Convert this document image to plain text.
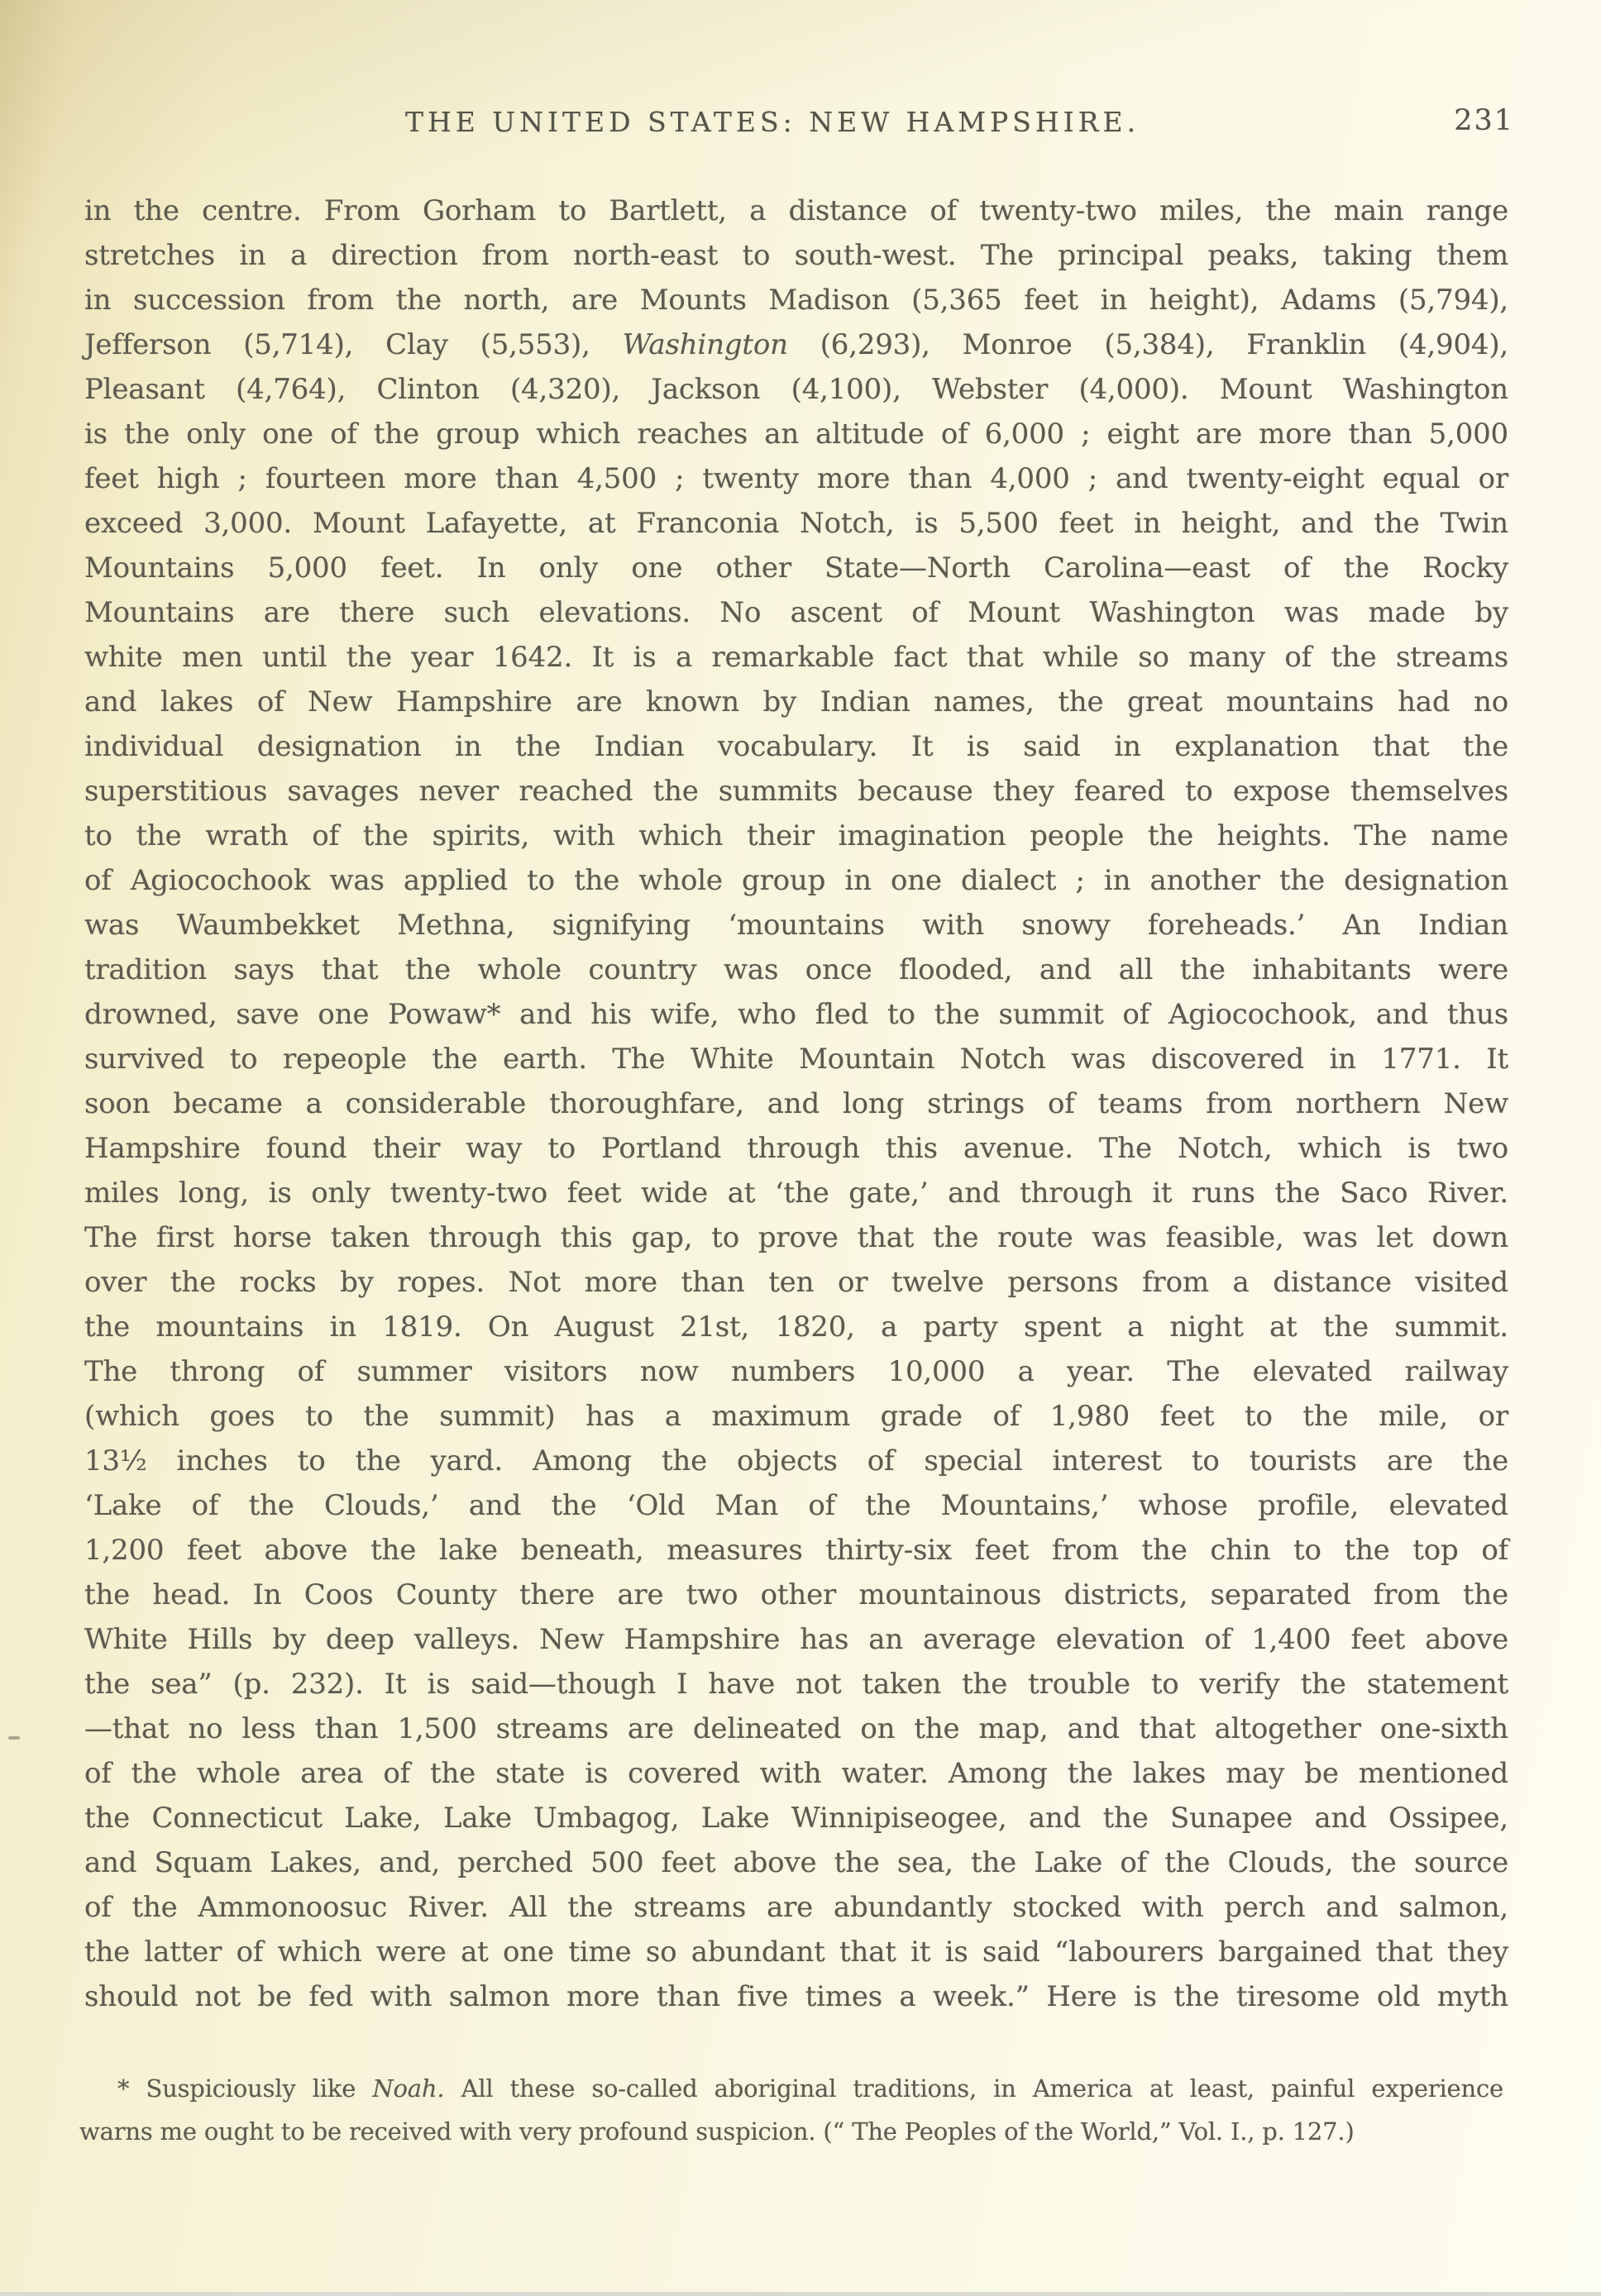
THE UNITED STATES: NEW HAMPSHIRE.	231
in the centre. From Gorham to Bartlett, a distance of twenty-two miles, the main range
stretches in a direction from north-east to south-west. The principal peaks, taking them
in succession from the north, are Mounts Madison (5,365 feet in height), Adams (5,794),
Jefferson (5,714), Clay (5,553), Washington (6,293), Monroe (5,384), Franklin (4,904),
Pleasant (4,764), Clinton (4,320), Jackson (4,100), Webster (4,000). Mount Washington
is the only one of the group which reaches an altitude of 6,000 ; eight are more than 5,000
feet high ; fourteen more than 4,500 ; twenty more than 4,000 ; and twenty-eight equal or
exceed 3,000. Mount Lafayette, at Franconia Notch, is 5,500 feet in height, and the Twin
Mountains 5,000 feet. In only one other State—North Carolina—east of the Rocky
Mountains are there such elevations. No ascent of Mount Washington was made by
white men until the year 1642. It is a remarkable fact that while so many of the streams
and lakes of New Hampshire are known by Indian names, the great mountains had no
individual designation in the Indian vocabulary. It is said in explanation that the
superstitious savages never reached the summits because they feared to expose themselves
to the wrath of the spirits, with which their imagination people the heights. The name
of Agiocochook was applied to the whole group in one dialect ; in another the designation
was Waumbekket Methna, signifying ‘mountains with snowy foreheads.’ An Indian
tradition says that the whole country was once flooded, and all the inhabitants were
drowned, save one Powaw* and his wife, who fled to the summit of Agiocochook, and thus
survived to repeople the earth. The White Mountain Notch was discovered in 1771. It
soon became a considerable thoroughfare, and long strings of teams from northern New
Hampshire found their way to Portland through this avenue. The Notch, which is two
miles long, is only twenty-two feet wide at ‘the gate,’ and through it runs the Saco River.
The first horse taken through this gap, to prove that the route was feasible, was let down
over the rocks by ropes. Not more than ten or twelve persons from a distance visited
the mountains in 1819. On August 21st, 1820, a party spent a night at the summit.
The throng of summer visitors now numbers 10,000 a year. The elevated railway
(which goes to the summit) has a maximum grade of 1,980 feet to the mile, or
13½ inches to the yard. Among the objects of special interest to tourists are the
‘Lake of the Clouds,’ and the ‘Old Man of the Mountains,’ whose profile, elevated
1,200 feet above the lake beneath, measures thirty-six feet from the chin to the top of
the head. In Coos County there are two other mountainous districts, separated from the
White Hills by deep valleys. New Hampshire has an average elevation of 1,400 feet above
the sea” (p. 232). It is said—though I have not taken the trouble to verify the statement
—that no less than 1,500 streams are delineated on the map, and that altogether one-sixth
of the whole area of the state is covered with water. Among the lakes may be mentioned
the Connecticut Lake, Lake Umbagog, Lake Winnipiseogee, and the Sunapee and Ossipee,
and Squam Lakes, and, perched 500 feet above the sea, the Lake of the Clouds, the source
of the Ammonoosuc River. All the streams are abundantly stocked with perch and salmon,
the latter of which were at one time so abundant that it is said “labourers bargained that they
should not be fed with salmon more than five times a week.” Here is the tiresome old myth
* Suspiciously like Noah. All these so-called aboriginal traditions, in America at least, painful experience
warns me ought to be received with very profound suspicion. (“ The Peoples of the World,” Vol. I., p. 127.)
